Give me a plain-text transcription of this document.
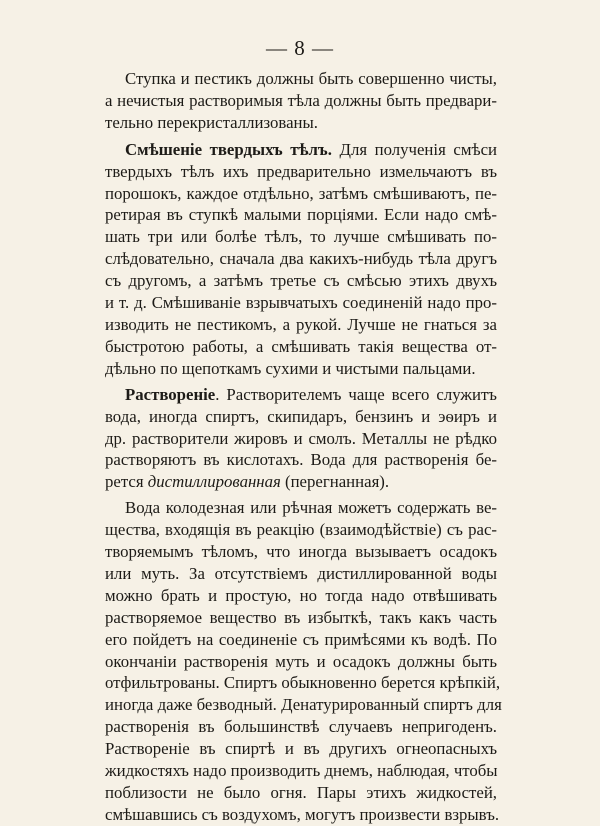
— 8 —

Ступка и пестикъ должны быть совершенно чисты,
а нечистыя растворимыя тѣла должны быть предвари-
тельно перекристаллизованы.

Смѣшеніе твердыхъ тѣлъ. Для полученія смѣси
твердыхъ тѣлъ ихъ предварительно измельчаютъ въ
порошокъ, каждое отдѣльно, затѣмъ смѣшиваютъ, пе-
ретирая въ ступкѣ малыми порціями. Если надо смѣ-
шать три или болѣе тѣлъ, то лучше смѣшивать по-
слѣдовательно, сначала два какихъ-нибудь тѣла другъ
съ другомъ, а затѣмъ третье съ смѣсью этихъ двухъ
и т. д. Смѣшиваніе взрывчатыхъ соединеній надо про-
изводить не пестикомъ, а рукой. Лучше не гнаться за
быстротою работы, а смѣшивать такія вещества от-
дѣльно по щепоткамъ сухими и чистыми пальцами.

Раствореніе. Растворителемъ чаще всего служитъ
вода, иногда спиртъ, скипидаръ, бензинъ и эѳиръ и
др. растворители жировъ и смолъ. Металлы не рѣдко
растворяютъ въ кислотахъ. Вода для растворенія бе-
рется дистиллированная (перегнанная).

Вода колодезная или рѣчная можетъ содержать ве-
щества, входящія въ реакцію (взаимодѣйствіе) съ рас-
творяемымъ тѣломъ, что иногда вызываетъ осадокъ
или муть. За отсутствіемъ дистиллированной воды
можно брать и простую, но тогда надо отвѣшивать
растворяемое вещество въ избыткѣ, такъ какъ часть
его пойдетъ на соединеніе съ примѣсями къ водѣ. По
окончаніи растворенія муть и осадокъ должны быть
отфильтрованы. Спиртъ обыкновенно берется крѣпкій,
иногда даже безводный. Денатурированный спиртъ для
растворенія въ большинствѣ случаевъ непригоденъ.
Раствореніе въ спиртѣ и въ другихъ огнеопасныхъ
жидкостяхъ надо производить днемъ, наблюдая, чтобы
поблизости не было огня. Пары этихъ жидкостей,
смѣшавшись съ воздухомъ, могутъ произвести взрывъ.
